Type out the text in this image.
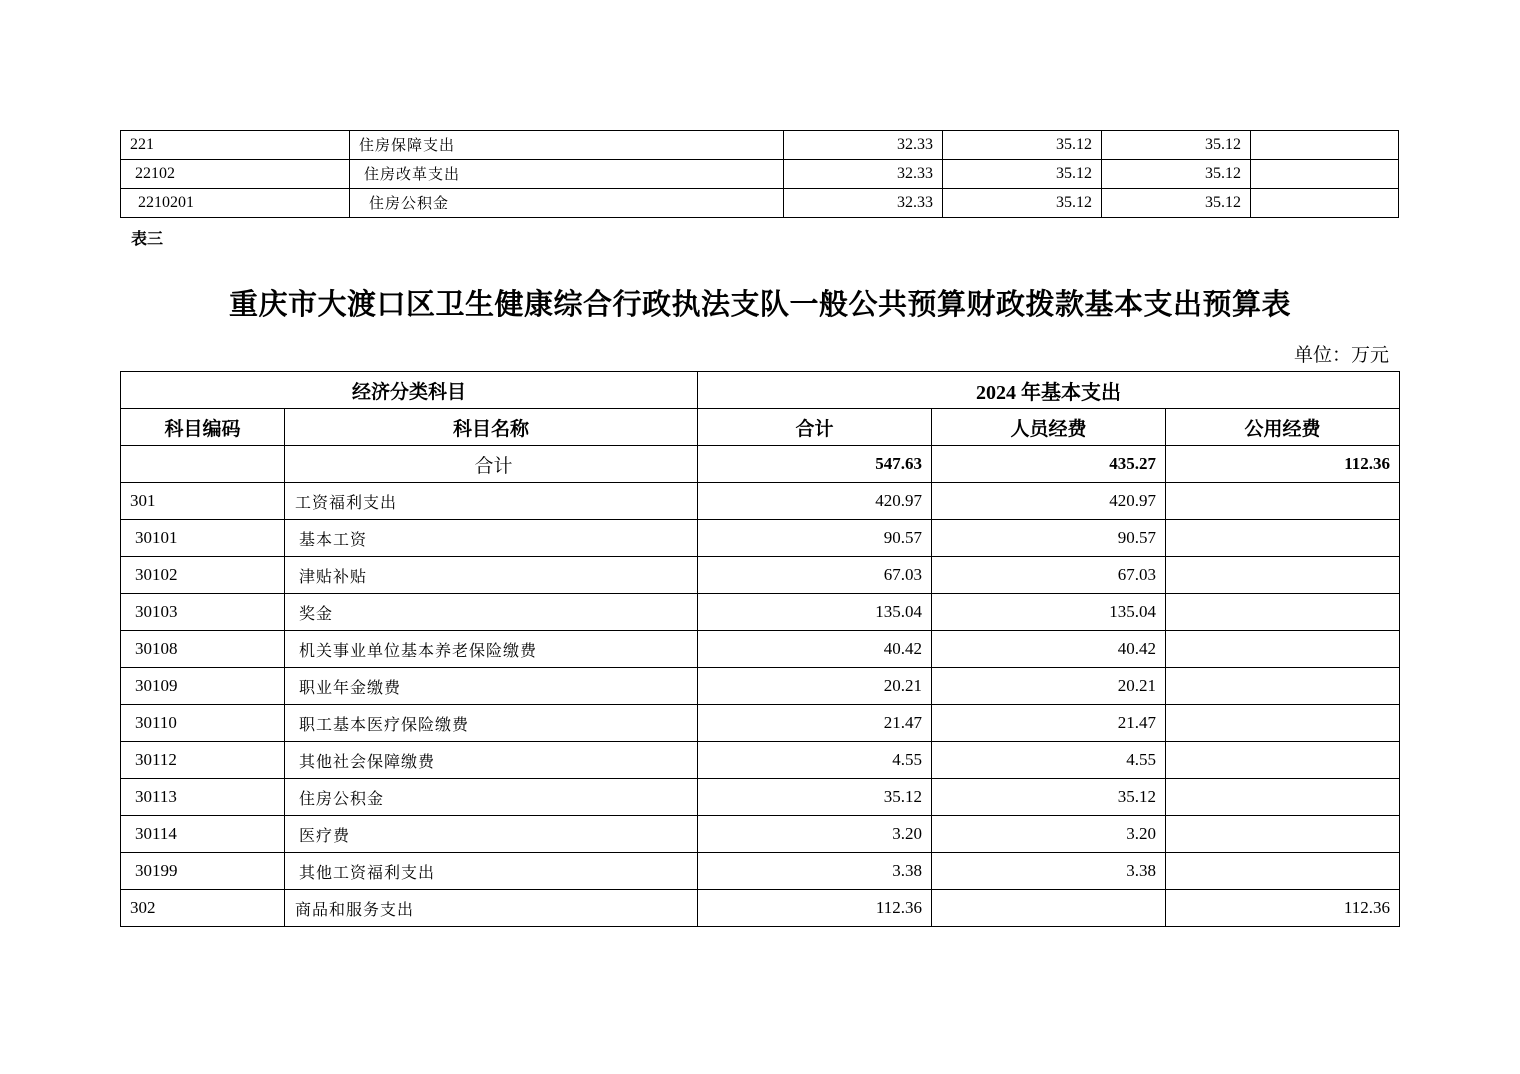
221	住房保障支出	32.33	35.12	35.12	
22102	住房改革支出	32.33	35.12	35.12	
2210201	住房公积金	32.33	35.12	35.12	
表三
重庆市大渡口区卫生健康综合行政执法支队一般公共预算财政拨款基本支出预算表
单位：万元
经济分类科目		2024 年基本支出		
科目编码	科目名称	合计	人员经费	公用经费
	合计	547.63	435.27	112.36
301	工资福利支出	420.97	420.97	
30101	基本工资	90.57	90.57	
30102	津贴补贴	67.03	67.03	
30103	奖金	135.04	135.04	
30108	机关事业单位基本养老保险缴费	40.42	40.42	
30109	职业年金缴费	20.21	20.21	
30110	职工基本医疗保险缴费	21.47	21.47	
30112	其他社会保障缴费	4.55	4.55	
30113	住房公积金	35.12	35.12	
30114	医疗费	3.20	3.20	
30199	其他工资福利支出	3.38	3.38	
302	商品和服务支出	112.36		112.36
